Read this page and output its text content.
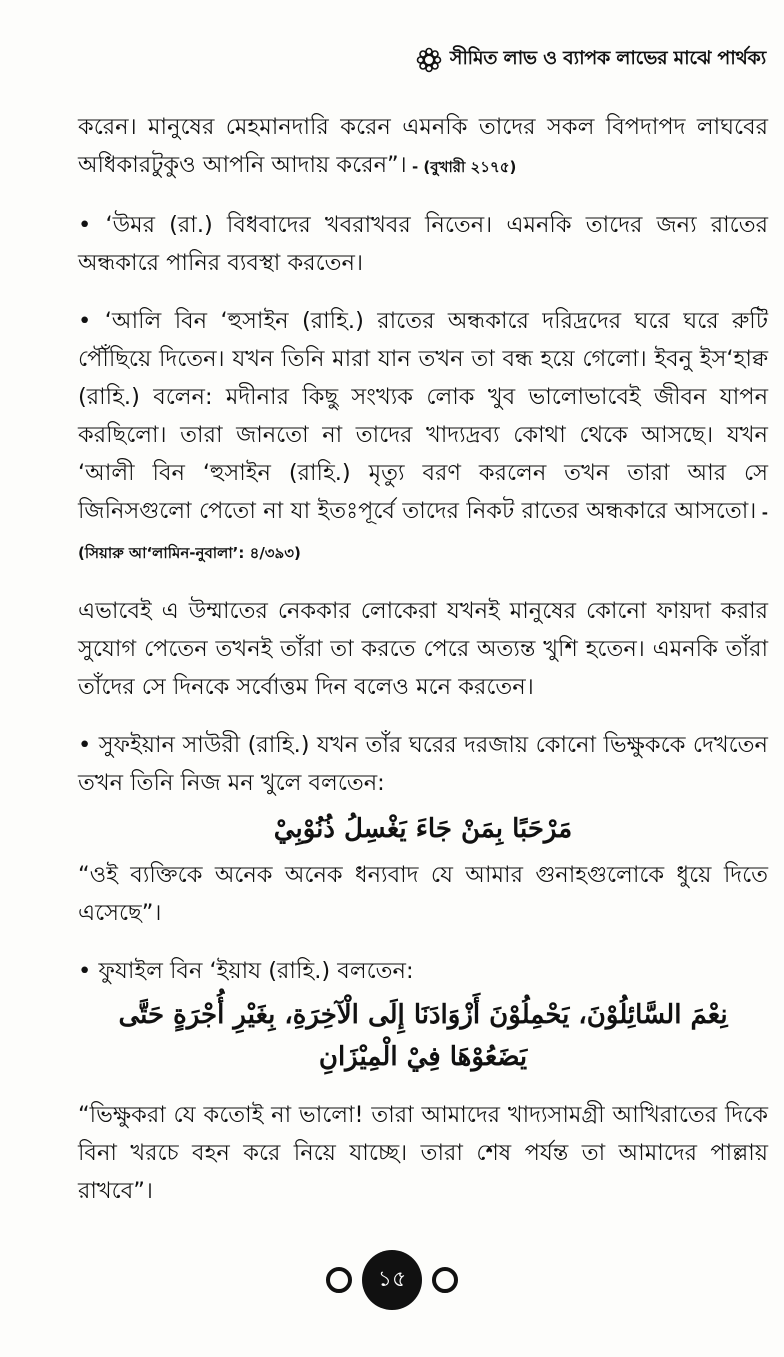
সীমিত লাভ ও ব্যাপক লাভের মাঝে পার্থক্য

করেন। মানুষের মেহমানদারি করেন এমনকি তাদের সকল বিপদাপদ লাঘবের অধিকারটুকুও আপনি আদায় করেন”। - (বুখারী ২১৭৫)

• ‘উমর (রা.) বিধবাদের খবরাখবর নিতেন। এমনকি তাদের জন্য রাতের অন্ধকারে পানির ব্যবস্থা করতেন।

• ‘আলি বিন ‘হুসাইন (রাহি.) রাতের অন্ধকারে দরিদ্রদের ঘরে ঘরে রুটি পৌঁছিয়ে দিতেন। যখন তিনি মারা যান তখন তা বন্ধ হয়ে গেলো। ইবনু ইস‘হাক্ব (রাহি.) বলেন: মদীনার কিছু সংখ্যক লোক খুব ভালোভাবেই জীবন যাপন করছিলো। তারা জানতো না তাদের খাদ্যদ্রব্য কোথা থেকে আসছে। যখন ‘আলী বিন ‘হুসাইন (রাহি.) মৃত্যু বরণ করলেন তখন তারা আর সে জিনিসগুলো পেতো না যা ইতঃপূর্বে তাদের নিকট রাতের অন্ধকারে আসতো। - (সিয়ারু আ‘লামিন-নুবালা’: ৪/৩৯৩)

এভাবেই এ উম্মাতের নেককার লোকেরা যখনই মানুষের কোনো ফায়দা করার সুযোগ পেতেন তখনই তাঁরা তা করতে পেরে অত্যন্ত খুশি হতেন। এমনকি তাঁরা তাঁদের সে দিনকে সর্বোত্তম দিন বলেও মনে করতেন।

• সুফইয়ান সাউরী (রাহি.) যখন তাঁর ঘরের দরজায় কোনো ভিক্ষুককে দেখতেন তখন তিনি নিজ মন খুলে বলতেন:

مَرْحَبًا بِمَنْ جَاءَ يَغْسِلُ ذُنُوْبِيْ

“ওই ব্যক্তিকে অনেক অনেক ধন্যবাদ যে আমার গুনাহগুলোকে ধুয়ে দিতে এসেছে”।

• ফুযাইল বিন ‘ইয়ায (রাহি.) বলতেন:

نِعْمَ السَّائِلُوْنَ، يَحْمِلُوْنَ أَزْوَادَنَا إِلَى الْآخِرَةِ، بِغَيْرِ أُجْرَةٍ حَتَّى يَضَعُوْهَا فِيْ الْمِيْزَانِ

“ভিক্ষুকরা যে কতোই না ভালো! তারা আমাদের খাদ্যসামগ্রী আখিরাতের দিকে বিনা খরচে বহন করে নিয়ে যাচ্ছে। তারা শেষ পর্যন্ত তা আমাদের পাল্লায় রাখবে”।

১৫
